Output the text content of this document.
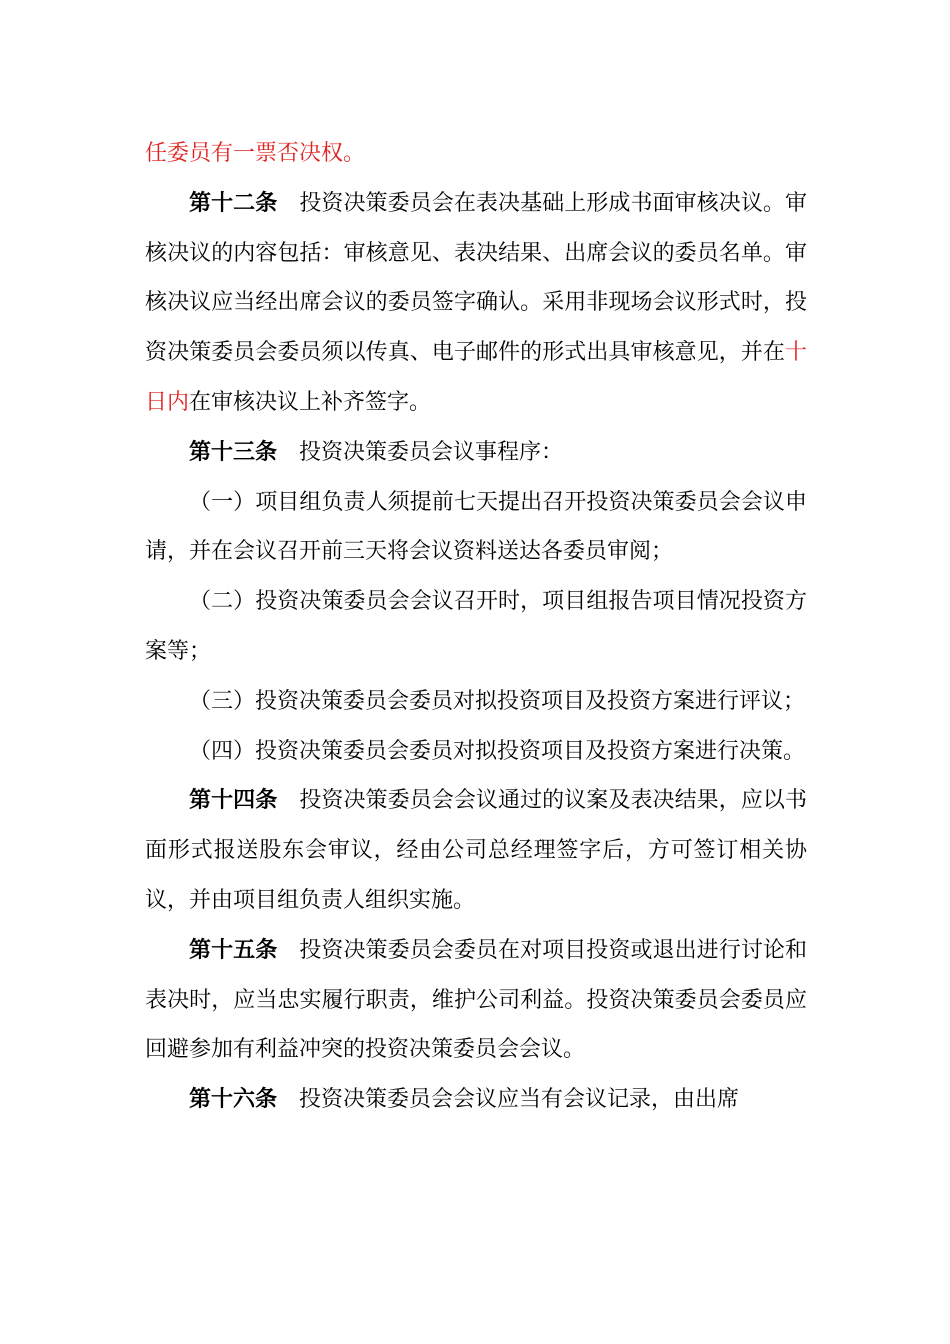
任委员有一票否决权。

第十二条 投资决策委员会在表决基础上形成书面审核决议。审核决议的内容包括：审核意见、表决结果、出席会议的委员名单。审核决议应当经出席会议的委员签字确认。采用非现场会议形式时，投资决策委员会委员须以传真、电子邮件的形式出具审核意见，并在十日内在审核决议上补齐签字。

第十三条 投资决策委员会议事程序：

（一）项目组负责人须提前七天提出召开投资决策委员会会议申请，并在会议召开前三天将会议资料送达各委员审阅；

（二）投资决策委员会会议召开时，项目组报告项目情况投资方案等；

（三）投资决策委员会委员对拟投资项目及投资方案进行评议；

（四）投资决策委员会委员对拟投资项目及投资方案进行决策。

第十四条 投资决策委员会会议通过的议案及表决结果，应以书面形式报送股东会审议，经由公司总经理签字后，方可签订相关协议，并由项目组负责人组织实施。

第十五条 投资决策委员会委员在对项目投资或退出进行讨论和表决时，应当忠实履行职责，维护公司利益。投资决策委员会委员应回避参加有利益冲突的投资决策委员会会议。

第十六条 投资决策委员会会议应当有会议记录，由出席
